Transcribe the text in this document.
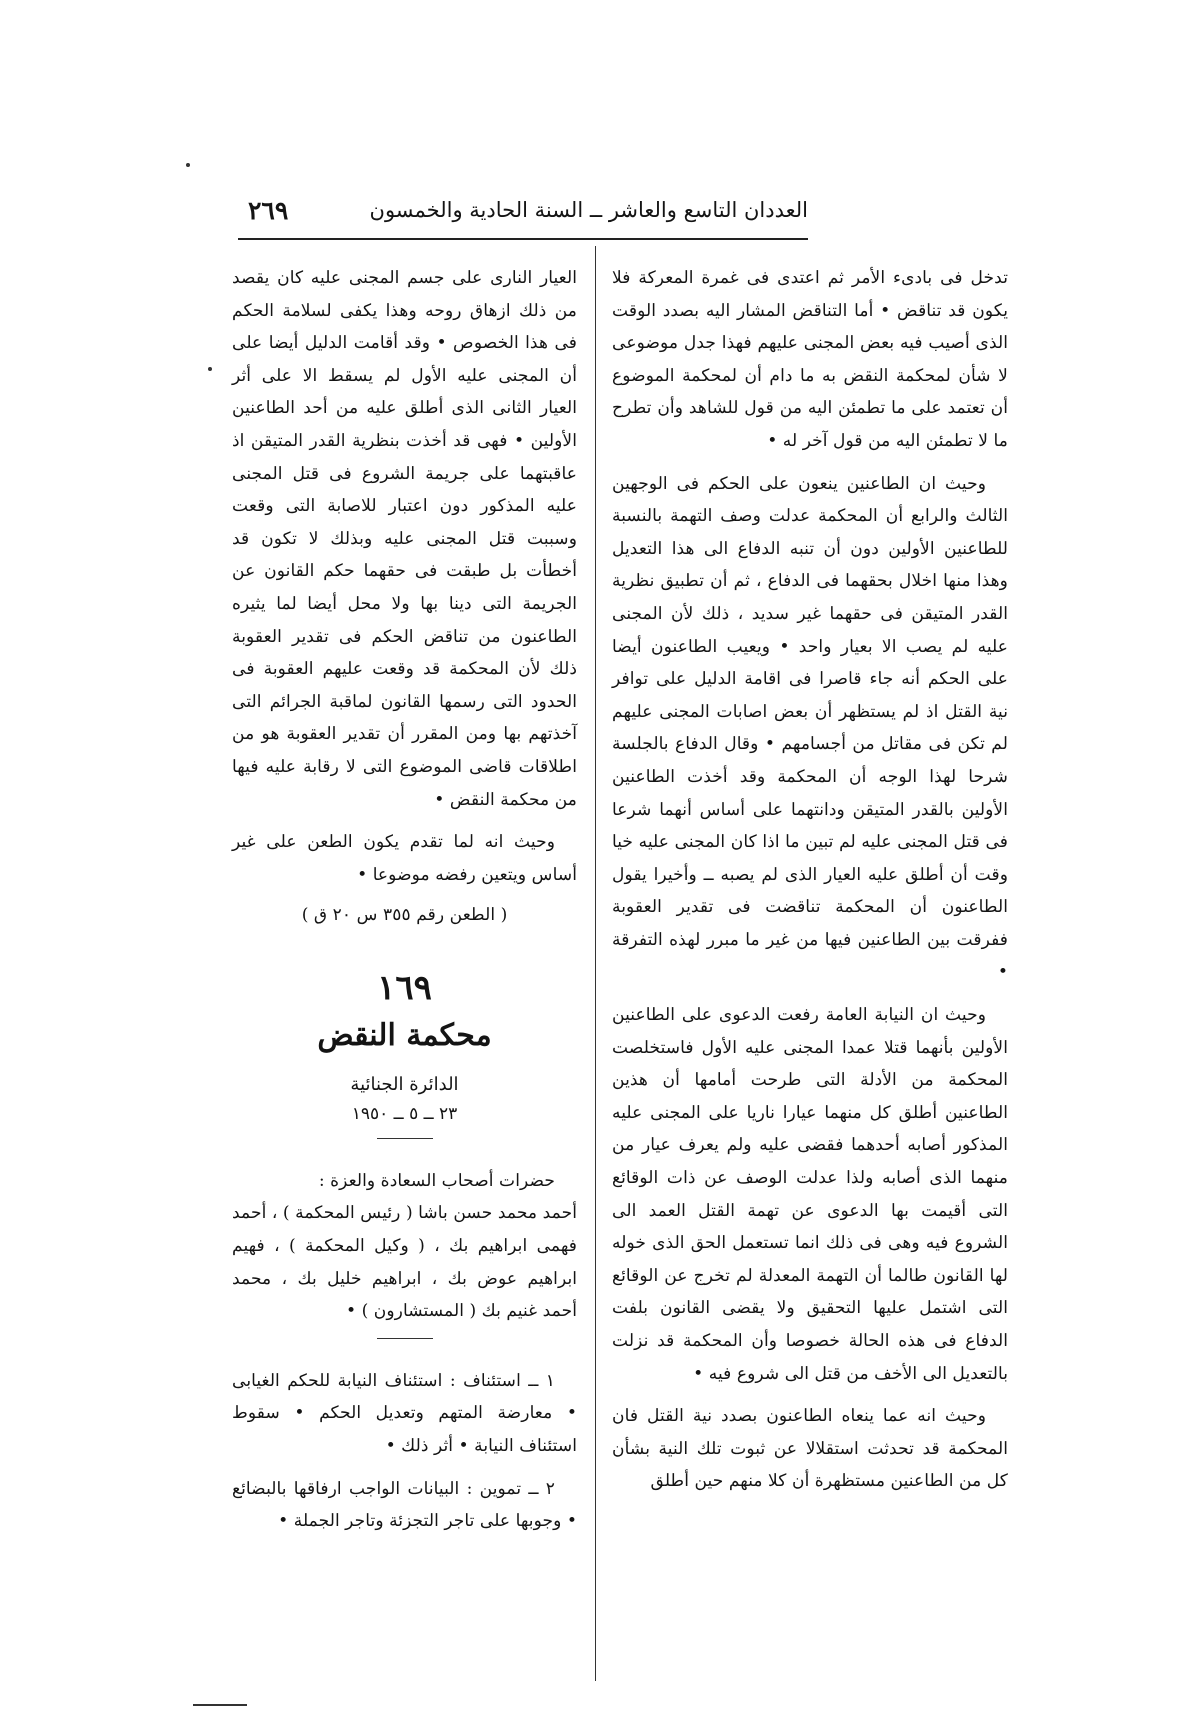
العددان التاسع والعاشر ــ السنة الحادية والخمسون
٢٦٩

تدخل فى بادىء الأمر ثم اعتدى فى غمرة المعركة فلا يكون قد تناقض • أما التناقض المشار اليه بصدد الوقت الذى أصيب فيه بعض المجنى عليهم فهذا جدل موضوعى لا شأن لمحكمة النقض به ما دام أن لمحكمة الموضوع أن تعتمد على ما تطمئن اليه من قول للشاهد وأن تطرح ما لا تطمئن اليه من قول آخر له •

وحيث ان الطاعنين ينعون على الحكم فى الوجهين الثالث والرابع أن المحكمة عدلت وصف التهمة بالنسبة للطاعنين الأولين دون أن تنبه الدفاع الى هذا التعديل وهذا منها اخلال بحقهما فى الدفاع ، ثم أن تطبيق نظرية القدر المتيقن فى حقهما غير سديد ، ذلك لأن المجنى عليه لم يصب الا بعيار واحد • ويعيب الطاعنون أيضا على الحكم أنه جاء قاصرا فى اقامة الدليل على توافر نية القتل اذ لم يستظهر أن بعض اصابات المجنى عليهم لم تكن فى مقاتل من أجسامهم • وقال الدفاع بالجلسة شرحا لهذا الوجه أن المحكمة وقد أخذت الطاعنين الأولين بالقدر المتيقن ودانتهما على أساس أنهما شرعا فى قتل المجنى عليه لم تبين ما اذا كان المجنى عليه خيا وقت أن أطلق عليه العيار الذى لم يصبه ــ وأخيرا يقول الطاعنون أن المحكمة تناقضت فى تقدير العقوبة ففرقت بين الطاعنين فيها من غير ما مبرر لهذه التفرقة •

وحيث ان النيابة العامة رفعت الدعوى على الطاعنين الأولين بأنهما قتلا عمدا المجنى عليه الأول فاستخلصت المحكمة من الأدلة التى طرحت أمامها أن هذين الطاعنين أطلق كل منهما عيارا ناريا على المجنى عليه المذكور أصابه أحدهما فقضى عليه ولم يعرف عيار من منهما الذى أصابه ولذا عدلت الوصف عن ذات الوقائع التى أقيمت بها الدعوى عن تهمة القتل العمد الى الشروع فيه وهى فى ذلك انما تستعمل الحق الذى خوله لها القانون طالما أن التهمة المعدلة لم تخرج عن الوقائع التى اشتمل عليها التحقيق ولا يقضى القانون بلفت الدفاع فى هذه الحالة خصوصا وأن المحكمة قد نزلت بالتعديل الى الأخف من قتل الى شروع فيه •

وحيث انه عما ينعاه الطاعنون بصدد نية القتل فان المحكمة قد تحدثت استقلالا عن ثبوت تلك النية بشأن كل من الطاعنين مستظهرة أن كلا منهم حين أطلق

العيار النارى على جسم المجنى عليه كان يقصد من ذلك ازهاق روحه وهذا يكفى لسلامة الحكم فى هذا الخصوص • وقد أقامت الدليل أيضا على أن المجنى عليه الأول لم يسقط الا على أثر العيار الثانى الذى أطلق عليه من أحد الطاعنين الأولين • فهى قد أخذت بنظرية القدر المتيقن اذ عاقبتهما على جريمة الشروع فى قتل المجنى عليه المذكور دون اعتبار للاصابة التى وقعت وسببت قتل المجنى عليه وبذلك لا تكون قد أخطأت بل طبقت فى حقهما حكم القانون عن الجريمة التى دينا بها ولا محل أيضا لما يثيره الطاعنون من تناقض الحكم فى تقدير العقوبة ذلك لأن المحكمة قد وقعت عليهم العقوبة فى الحدود التى رسمها القانون لماقبة الجرائم التى آخذتهم بها ومن المقرر أن تقدير العقوبة هو من اطلاقات قاضى الموضوع التى لا رقابة عليه فيها من محكمة النقض •

وحيث انه لما تقدم يكون الطعن على غير أساس ويتعين رفضه موضوعا •

( الطعن رقم ٣٥٥ س ٢٠ ق )
١٦٩
محكمة النقض
الدائرة الجنائية
٢٣ ــ ٥ ــ ١٩٥٠

حضرات أصحاب السعادة والعزة :

أحمد محمد حسن باشا ( رئيس المحكمة ) ، أحمد فهمى ابراهيم بك ، ( وكيل المحكمة ) ، فهيم ابراهيم عوض بك ، ابراهيم خليل بك ، محمد أحمد غنيم بك ( المستشارون ) •

١ ــ استئناف : استئناف النيابة للحكم الغيابى • معارضة المتهم وتعديل الحكم • سقوط استئناف النيابة • أثر ذلك •

٢ ــ تموين : البيانات الواجب ارفاقها بالبضائع • وجوبها على تاجر التجزئة وتاجر الجملة •
